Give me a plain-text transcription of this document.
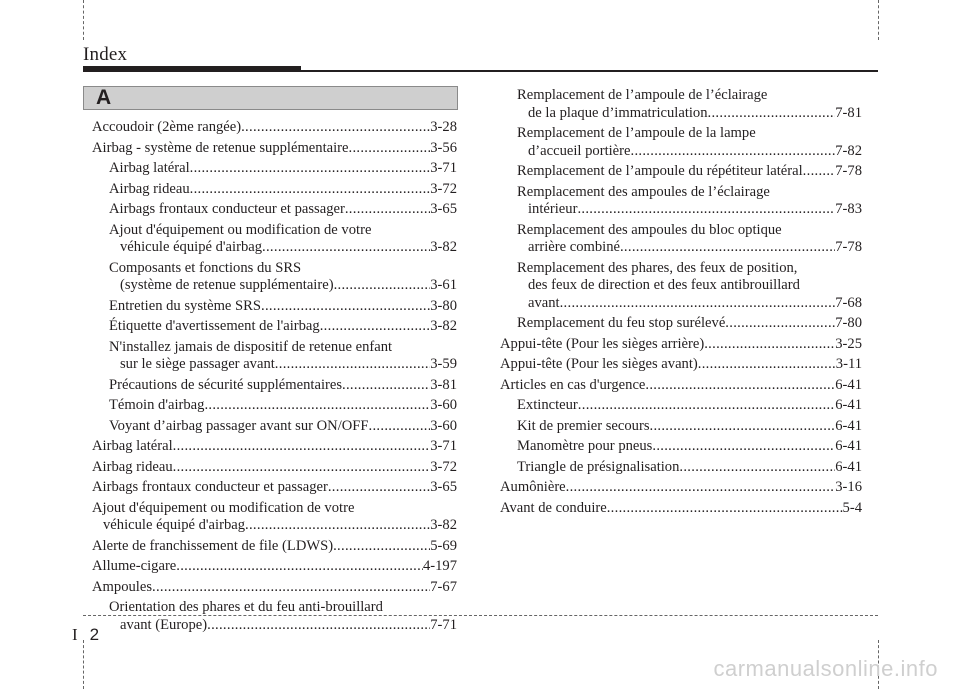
Index
A
Accoudoir (2ème rangée) .....	3-28
Airbag - système de retenue supplémentaire .....	3-56
Airbag latéral .....	3-71
Airbag rideau .....	3-72
Airbags frontaux conducteur et passager .....	3-65
Ajout d'équipement ou modification de votre
véhicule équipé d'airbag .....	3-82
Composants et fonctions du SRS
(système de retenue supplémentaire) .....	3-61
Entretien du système SRS .....	3-80
Étiquette d'avertissement de l'airbag .....	3-82
N'installez jamais de dispositif de retenue enfant
sur le siège passager avant .....	3-59
Précautions de sécurité supplémentaires .....	3-81
Témoin d'airbag .....	3-60
Voyant d’airbag passager avant sur ON/OFF .....	3-60
Airbag latéral .....	3-71
Airbag rideau .....	3-72
Airbags frontaux conducteur et passager .....	3-65
Ajout d'équipement ou modification de votre
véhicule équipé d'airbag .....	3-82
Alerte de franchissement de file (LDWS) .....	5-69
Allume-cigare .....	4-197
Ampoules .....	7-67
Orientation des phares et du feu anti-brouillard
avant (Europe) .....	7-71
Remplacement de l’ampoule de l’éclairage
de la plaque d’immatriculation .....	7-81
Remplacement de l’ampoule de la lampe
d’accueil portière .....	7-82
Remplacement de l’ampoule du répétiteur latéral ..... 7-78
Remplacement des ampoules de l’éclairage
intérieur .....	7-83
Remplacement des ampoules du bloc optique
arrière combiné .....	7-78
Remplacement des phares, des feux de position,
des feux de direction et des feux antibrouillard
avant .....	7-68
Remplacement du feu stop surélevé .....	7-80
Appui-tête (Pour les sièges arrière) .....	3-25
Appui-tête (Pour les sièges avant) .....	3-11
Articles en cas d'urgence .....	6-41
Extincteur .....	6-41
Kit de premier secours .....	6-41
Manomètre pour pneus .....	6-41
Triangle de présignalisation .....	6-41
Aumônière .....	3-16
Avant de conduire .....	5-4
I 2
carmanualsonline.info
